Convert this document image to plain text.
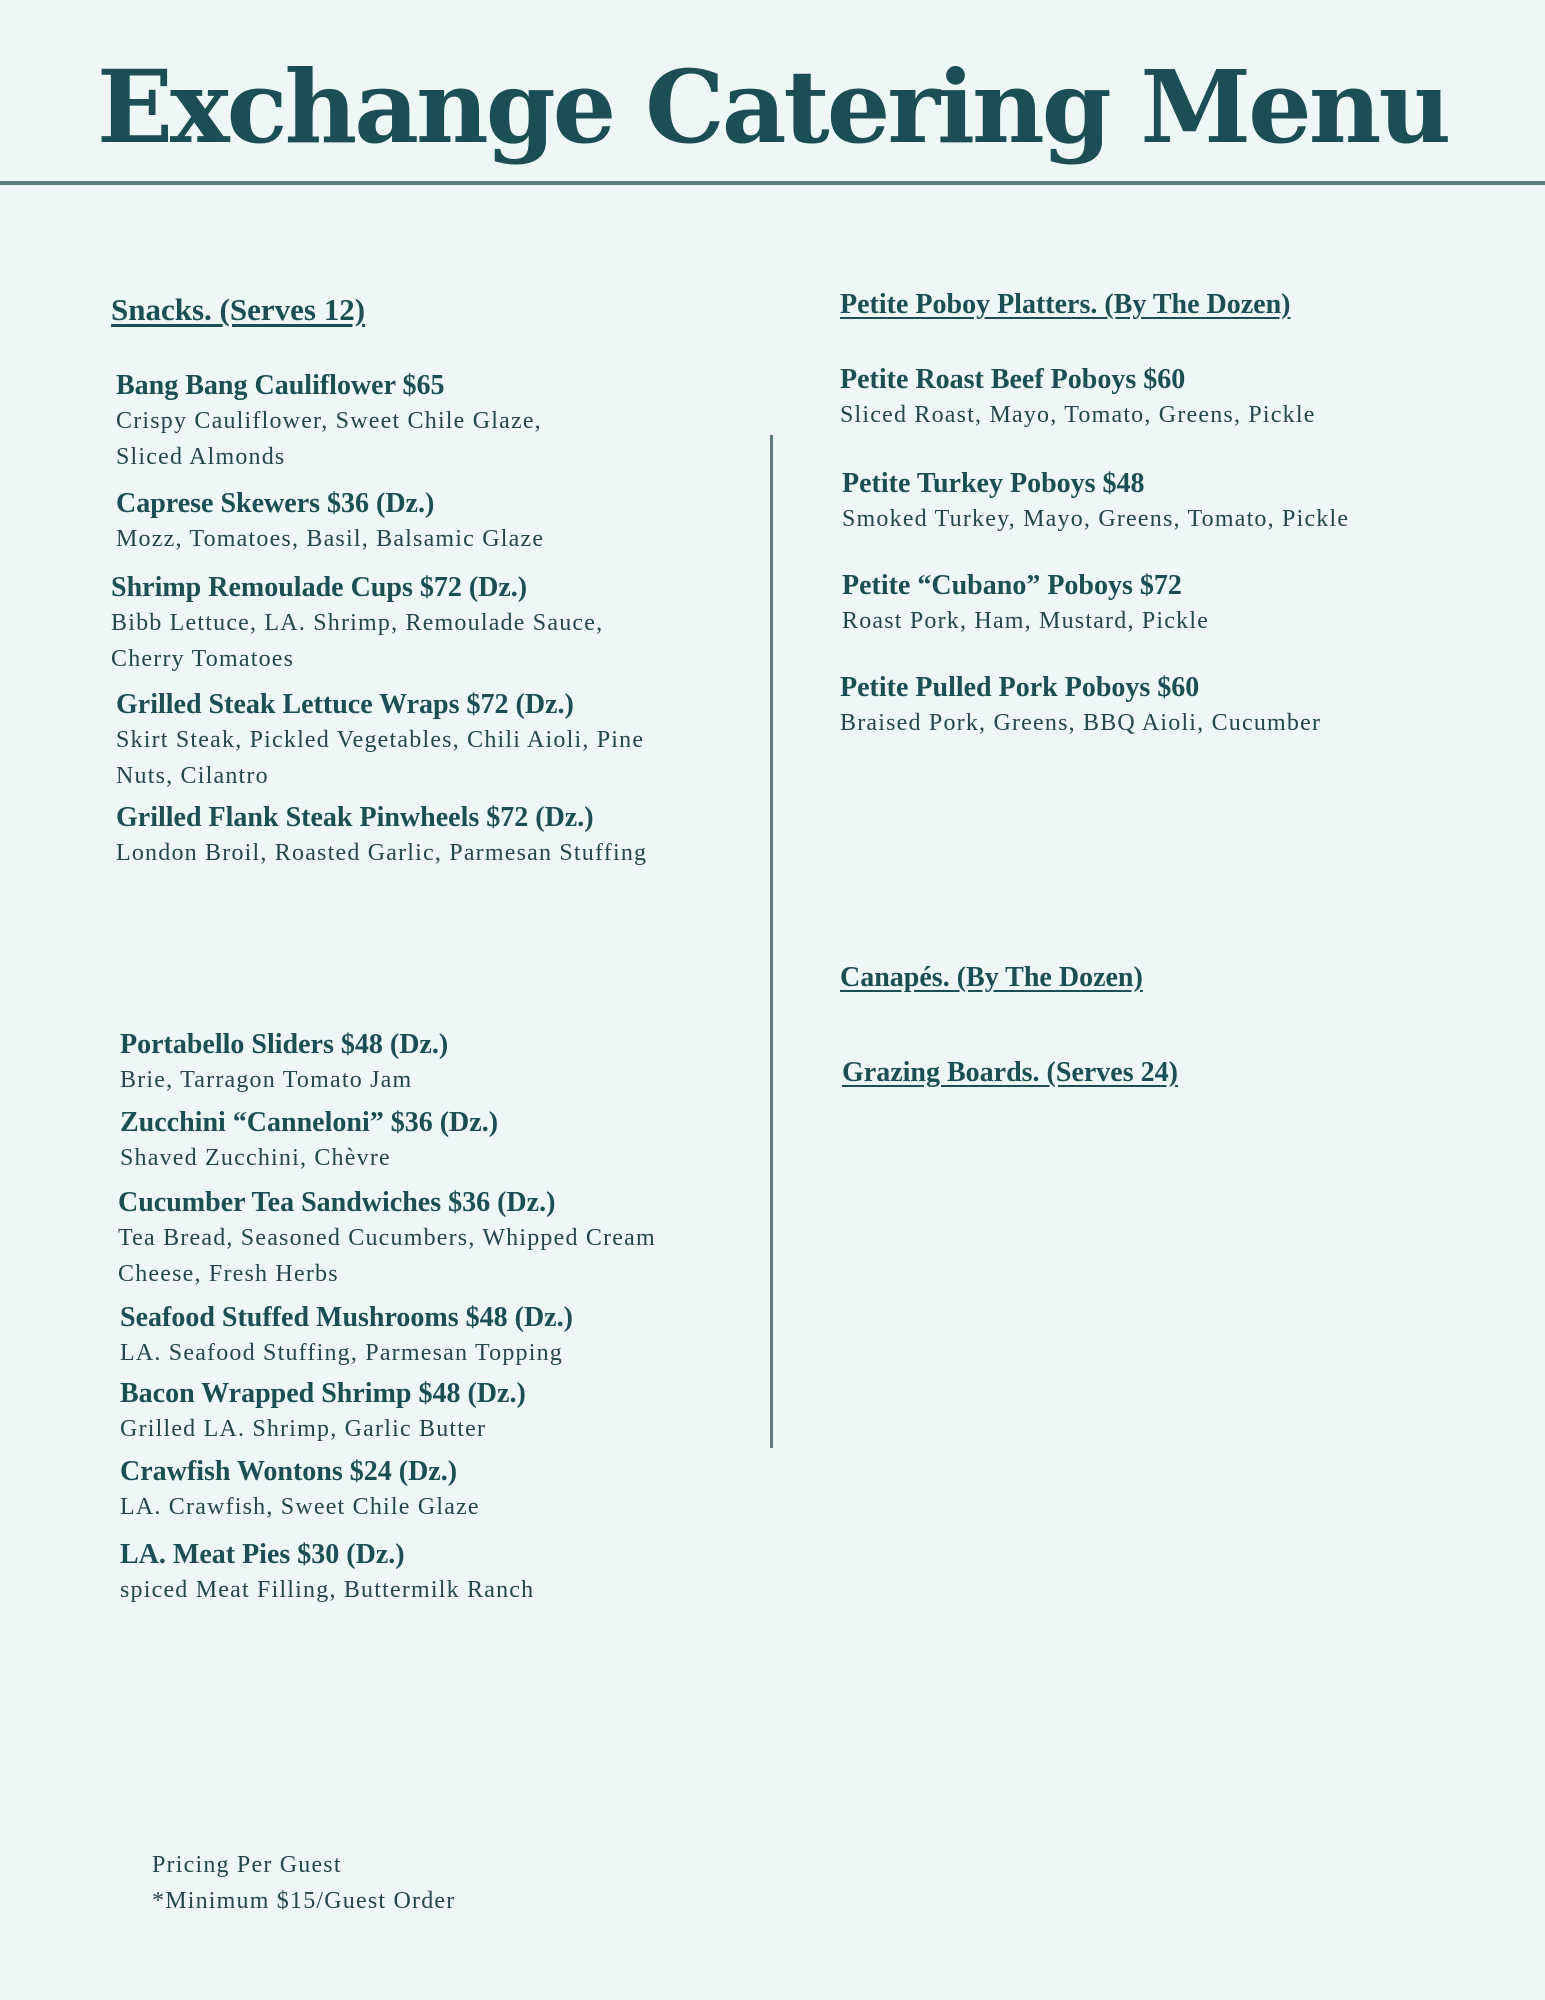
Exchange Catering Menu
Snacks. (Serves 12)
Bang Bang Cauliflower $65
Crispy Cauliflower, Sweet Chile Glaze, Sliced Almonds
Caprese Skewers $36 (Dz.)
Mozz, Tomatoes, Basil, Balsamic Glaze
Shrimp Remoulade Cups $72 (Dz.)
Bibb Lettuce, LA. Shrimp, Remoulade Sauce, Cherry Tomatoes
Grilled Steak Lettuce Wraps $72 (Dz.)
Skirt Steak, Pickled Vegetables, Chili Aioli, Pine Nuts, Cilantro
Grilled Flank Steak Pinwheels $72 (Dz.)
London Broil, Roasted Garlic, Parmesan Stuffing
Portabello Sliders $48 (Dz.)
Brie, Tarragon Tomato Jam
Zucchini “Canneloni” $36 (Dz.)
Shaved Zucchini, Chèvre
Cucumber Tea Sandwiches $36 (Dz.)
Tea Bread, Seasoned Cucumbers, Whipped Cream Cheese, Fresh Herbs
Seafood Stuffed Mushrooms $48 (Dz.)
LA. Seafood Stuffing, Parmesan Topping
Bacon Wrapped Shrimp $48 (Dz.)
Grilled LA. Shrimp, Garlic Butter
Crawfish Wontons $24 (Dz.)
LA. Crawfish, Sweet Chile Glaze
LA. Meat Pies $30 (Dz.)
spiced Meat Filling, Buttermilk Ranch
Petite Poboy Platters. (By The Dozen)
Petite Roast Beef Poboys $60
Sliced Roast, Mayo, Tomato, Greens, Pickle
Petite Turkey Poboys $48
Smoked Turkey, Mayo, Greens, Tomato, Pickle
Petite “Cubano” Poboys $72
Roast Pork, Ham, Mustard, Pickle
Petite Pulled Pork Poboys $60
Braised Pork, Greens, BBQ Aioli, Cucumber
Canapés. (By The Dozen)
Grazing Boards. (Serves 24)
Pricing Per Guest
*Minimum $15/Guest Order
